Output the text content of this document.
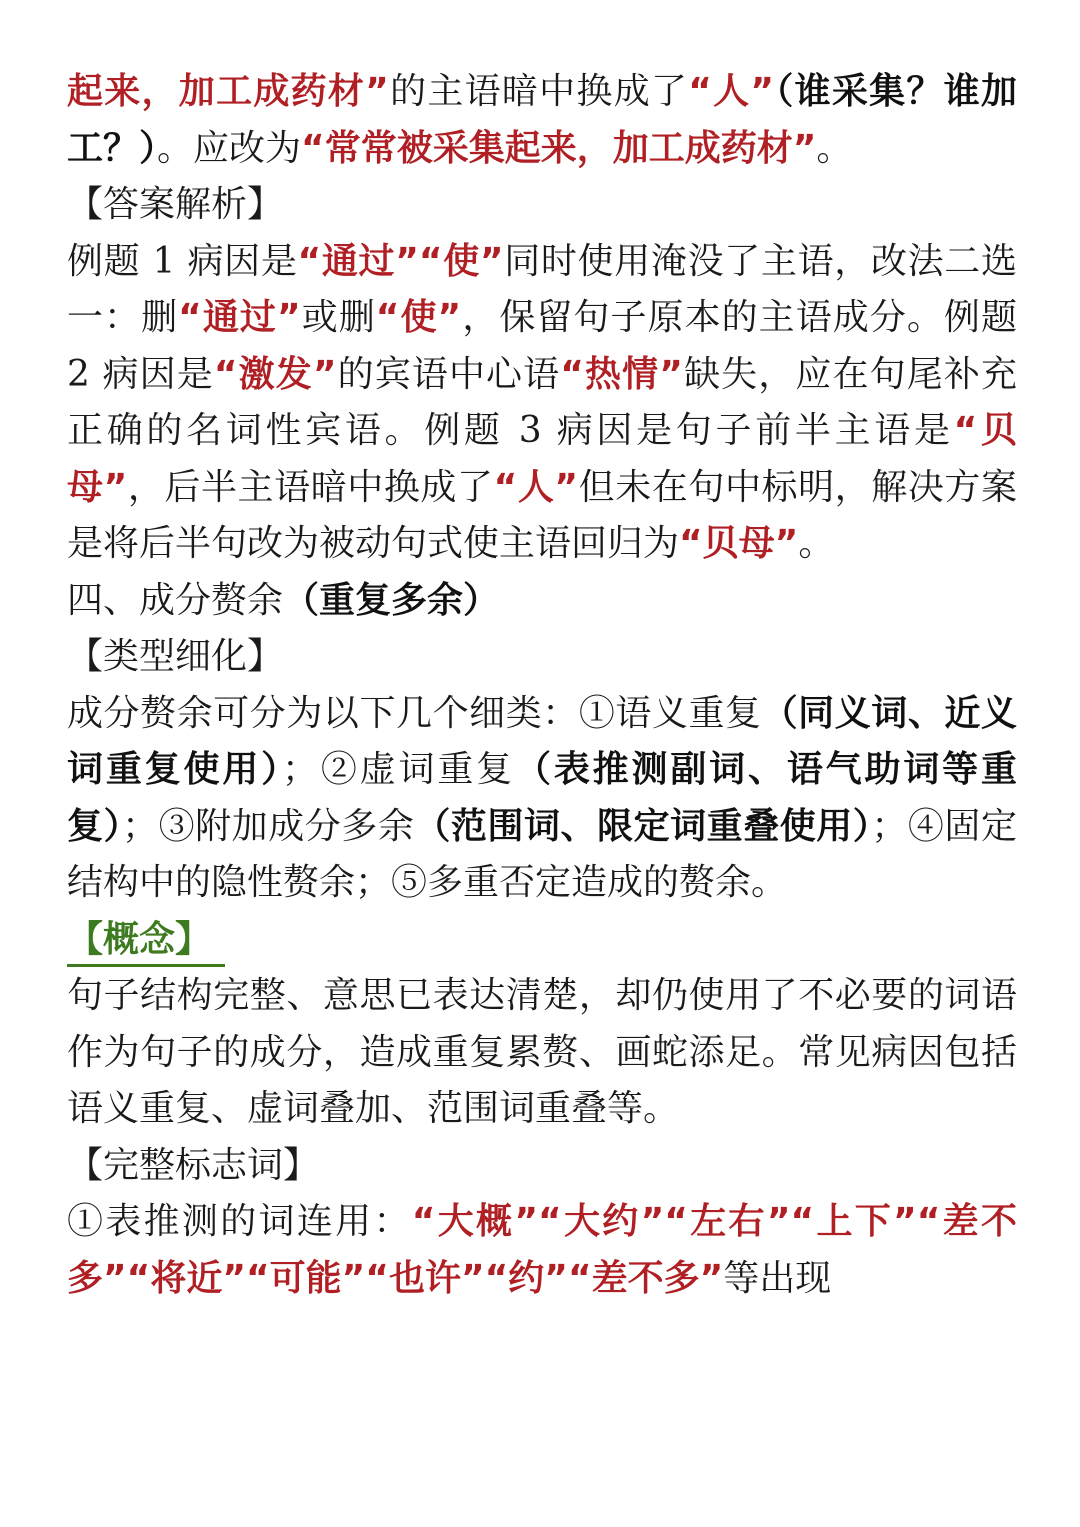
起来，加工成药材”的主语暗中换成了“人”（谁采集？谁加工？）。应改为“常常被采集起来，加工成药材”。

【答案解析】

例题 1 病因是“通过”“使”同时使用淹没了主语，改法二选一：删“通过”或删“使”，保留句子原本的主语成分。例题 2 病因是“激发”的宾语中心语“热情”缺失，应在句尾补充正确的名词性宾语。例题 3 病因是句子前半主语是“贝母”，后半主语暗中换成了“人”但未在句中标明，解决方案是将后半句改为被动句式使主语回归为“贝母”。

四、成分赘余（重复多余）

【类型细化】

成分赘余可分为以下几个细类：①语义重复（同义词、近义词重复使用）；②虚词重复（表推测副词、语气助词等重复）；③附加成分多余（范围词、限定词重叠使用）；④固定结构中的隐性赘余；⑤多重否定造成的赘余。

【概念】

句子结构完整、意思已表达清楚，却仍使用了不必要的词语作为句子的成分，造成重复累赘、画蛇添足。常见病因包括语义重复、虚词叠加、范围词重叠等。

【完整标志词】

①表推测的词连用：“大概”“大约”“左右”“上下”“差不多”“将近”“可能”“也许”“约”“差不多”等出现
